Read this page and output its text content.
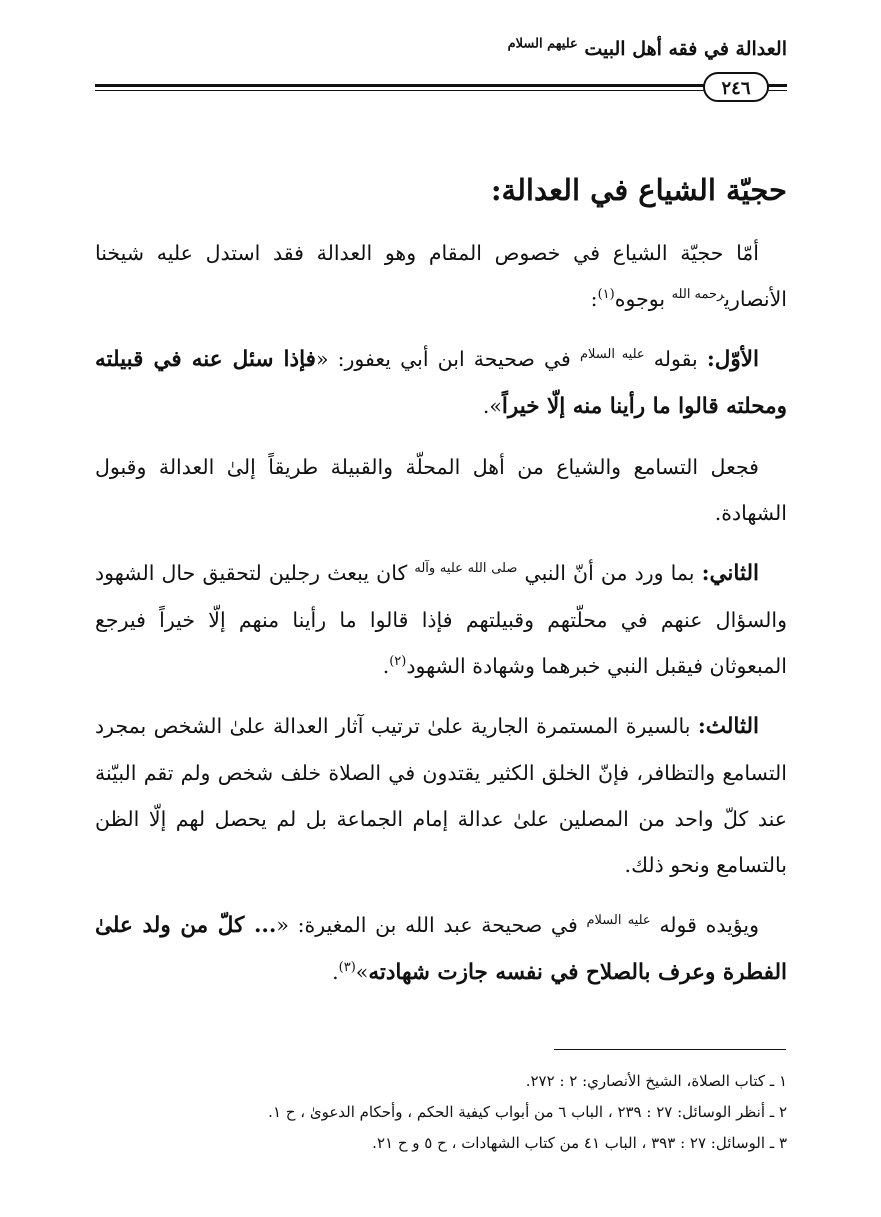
العدالة في فقه أهل البيت $^{عليهم السلام}$
٢٤٦
حجيّة الشياع في العدالة:

أمّا حجيّة الشياع في خصوص المقام وهو العدالة فقد استدل عليه شيخنا الأنصاري$^{رحمه الله}$ بوجوه$^{(١)}$:

الأوّل: بقوله $^{عليه السلام}$ في صحيحة ابن أبي يعفور: «فإذا سئل عنه في قبيلته ومحلته قالوا ما رأينا منه إلّا خيراً».

فجعل التسامع والشياع من أهل المحلّة والقبيلة طريقاً إلىٰ العدالة وقبول الشهادة.

الثاني: بما ورد من أنّ النبي $^{صلى الله عليه وآله}$ كان يبعث رجلين لتحقيق حال الشهود والسؤال عنهم في محلّتهم وقبيلتهم فإذا قالوا ما رأينا منهم إلّا خيراً فيرجع المبعوثان فيقبل النبي خبرهما وشهادة الشهود$^{(٢)}$.

الثالث: بالسيرة المستمرة الجارية علىٰ ترتيب آثار العدالة علىٰ الشخص بمجرد التسامع والتظافر، فإنّ الخلق الكثير يقتدون في الصلاة خلف شخص ولم تقم البيّنة عند كلّ واحد من المصلين علىٰ عدالة إمام الجماعة بل لم يحصل لهم إلّا الظن بالتسامع ونحو ذلك.

ويؤيده قوله $^{عليه السلام}$ في صحيحة عبد الله بن المغيرة: «... كلّ من ولد علىٰ الفطرة وعرف بالصلاح في نفسه جازت شهادته»$^{(٣)}$.

١ ـ كتاب الصلاة، الشيخ الأنصاري: ٢ : ٢٧٢.

٢ ـ أنظر الوسائل: ٢٧ : ٢٣٩ ، الباب ٦ من أبواب كيفية الحكم ، وأحكام الدعوىٰ ، ح ١.

٣ ـ الوسائل: ٢٧ : ٣٩٣ ، الباب ٤١ من كتاب الشهادات ، ح ٥ و ح ٢١.
